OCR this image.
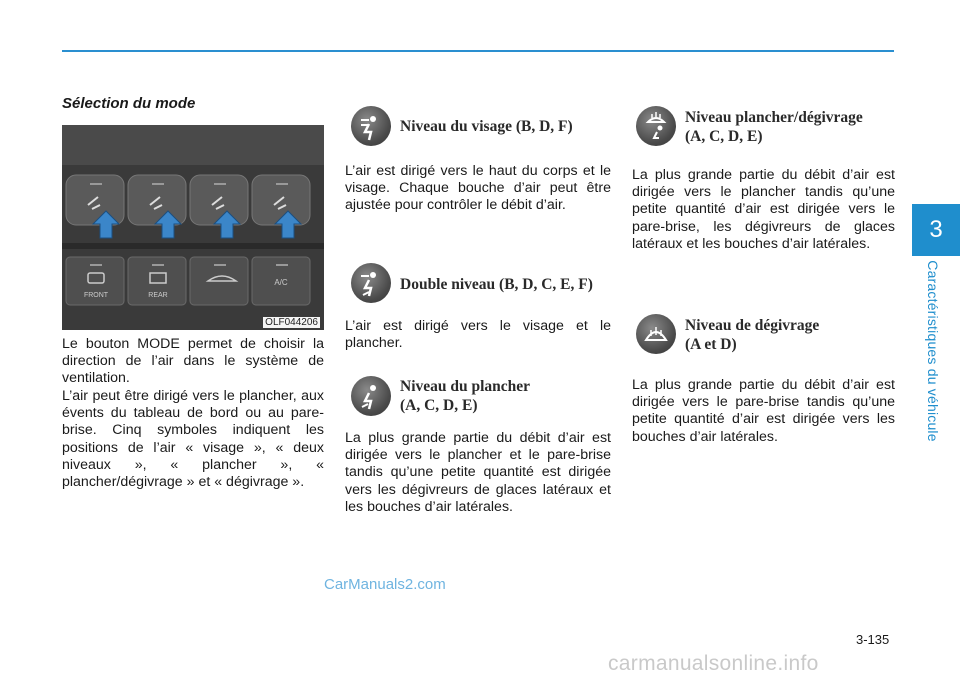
3
Caractéristiques du véhicule
Sélection du mode
FRONT	REAR
A/C
OLF044206

Le bouton MODE permet de choisir la direction de l’air dans le système de ventilation.

L’air peut être dirigé vers le plancher, aux évents du tableau de bord ou au pare-brise. Cinq symboles indiquent les positions de l’air « visage », « deux niveaux », « plancher », « plancher/dégivrage » et « dégivrage ».

Niveau du visage (B, D, F)

L’air est dirigé vers le haut du corps et le visage. Chaque bouche d’air peut être ajustée pour contrôler le débit d’air.

Double niveau (B, D, C, E, F)

L’air est dirigé vers le visage et le plancher.

Niveau du plancher
(A, C, D, E)

La plus grande partie du débit d’air est dirigée vers le plancher et le pare-brise tandis qu’une petite quantité est dirigée vers les dégivreurs de glaces latéraux et les bouches d’air latérales.

Niveau plancher/dégivrage
(A, C, D, E)

La plus grande partie du débit d’air est dirigée vers le plancher tandis qu’une petite quantité d’air est dirigée vers le pare-brise, les dégivreurs de glaces latéraux et les bouches d’air latérales.

Niveau de dégivrage
(A et D)

La plus grande partie du débit d’air est dirigée vers le pare-brise tandis qu’une petite quantité d’air est dirigée vers les bouches d’air latérales.

3-135
CarManuals2.com
carmanualsonline.info
